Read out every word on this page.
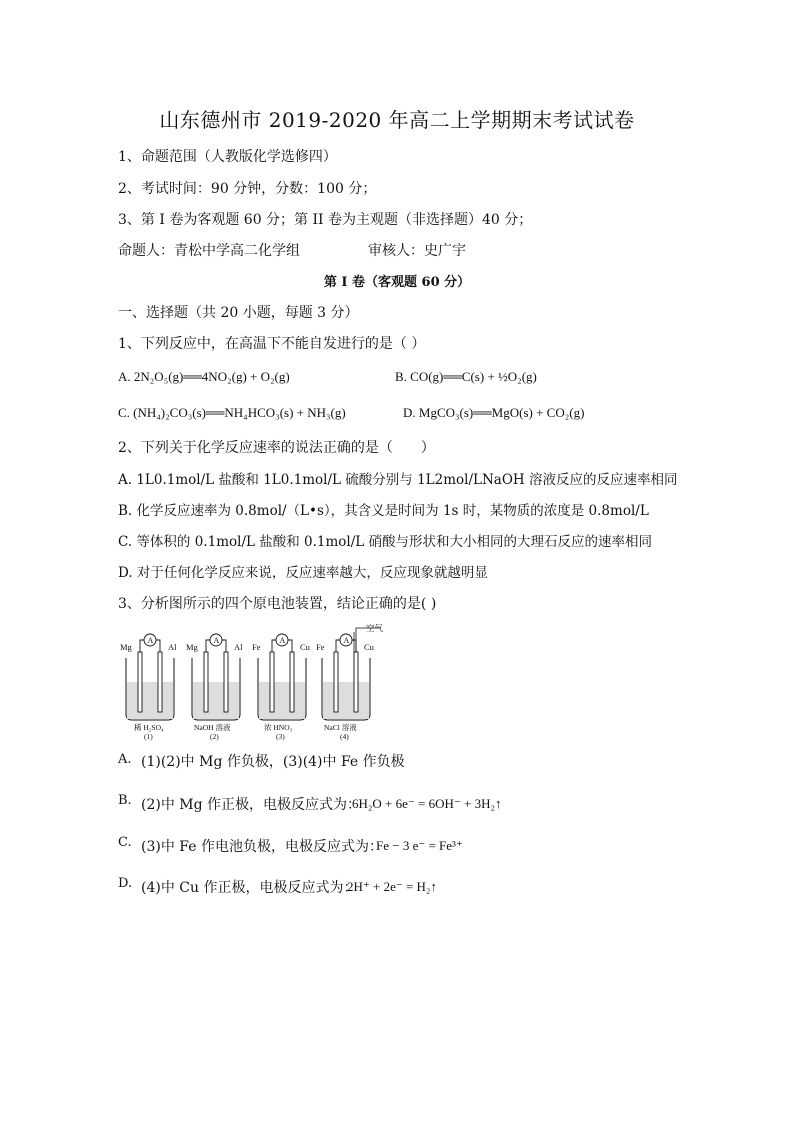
山东德州市 2019-2020 年高二上学期期末考试试卷
1、命题范围（人教版化学选修四）
2、考试时间：90 分钟，分数：100 分；
3、第 I 卷为客观题 60 分；第 II 卷为主观题（非选择题）40 分；
命题人：青松中学高二化学组	审核人：史广宇
第 I 卷（客观题 60 分）
一、选择题（共 20 小题，每题 3 分）
1、下列反应中，在高温下不能自发进行的是（ ）
A. 2N₂O₅(g)══4NO₂(g) + O₂(g)	B. CO(g)══C(s) + ½O₂(g)
C. (NH₄)₂CO₃(s)══NH₄HCO₃(s) + NH₃(g)	D. MgCO₃(s)══MgO(s) + CO₂(g)
2、下列关于化学反应速率的说法正确的是（　　）
A. 1L0.1mol/L 盐酸和 1L0.1mol/L 硫酸分别与 1L2mol/LNaOH 溶液反应的反应速率相同
B. 化学反应速率为 0.8mol/（L•s），其含义是时间为 1s 时，某物质的浓度是 0.8mol/L
C. 等体积的 0.1mol/L 盐酸和 0.1mol/L 硝酸与形状和大小相同的大理石反应的速率相同
D. 对于任何化学反应来说，反应速率越大，反应现象就越明显
3、分析图所示的四个原电池装置，结论正确的是( )
空气
Mg	Al
A
稀 H₂SO₄
(1)
Mg	Al
A
NaOH 溶液
(2)
Fe	Cu
A
浓 HNO₃
(3)
Fe	Cu
A
NaCl 溶液
(4)
A. (1)(2)中 Mg 作负极，(3)(4)中 Fe 作负极
B. (2)中 Mg 作正极，电极反应式为：
6H₂O + 6e⁻ = 6OH⁻ + 3H₂↑
C. (3)中 Fe 作电池负极，电极反应式为：
Fe − 3 e⁻ = Fe³⁺
D. (4)中 Cu 作正极，电极反应式为：
2H⁺ + 2e⁻ = H₂↑
